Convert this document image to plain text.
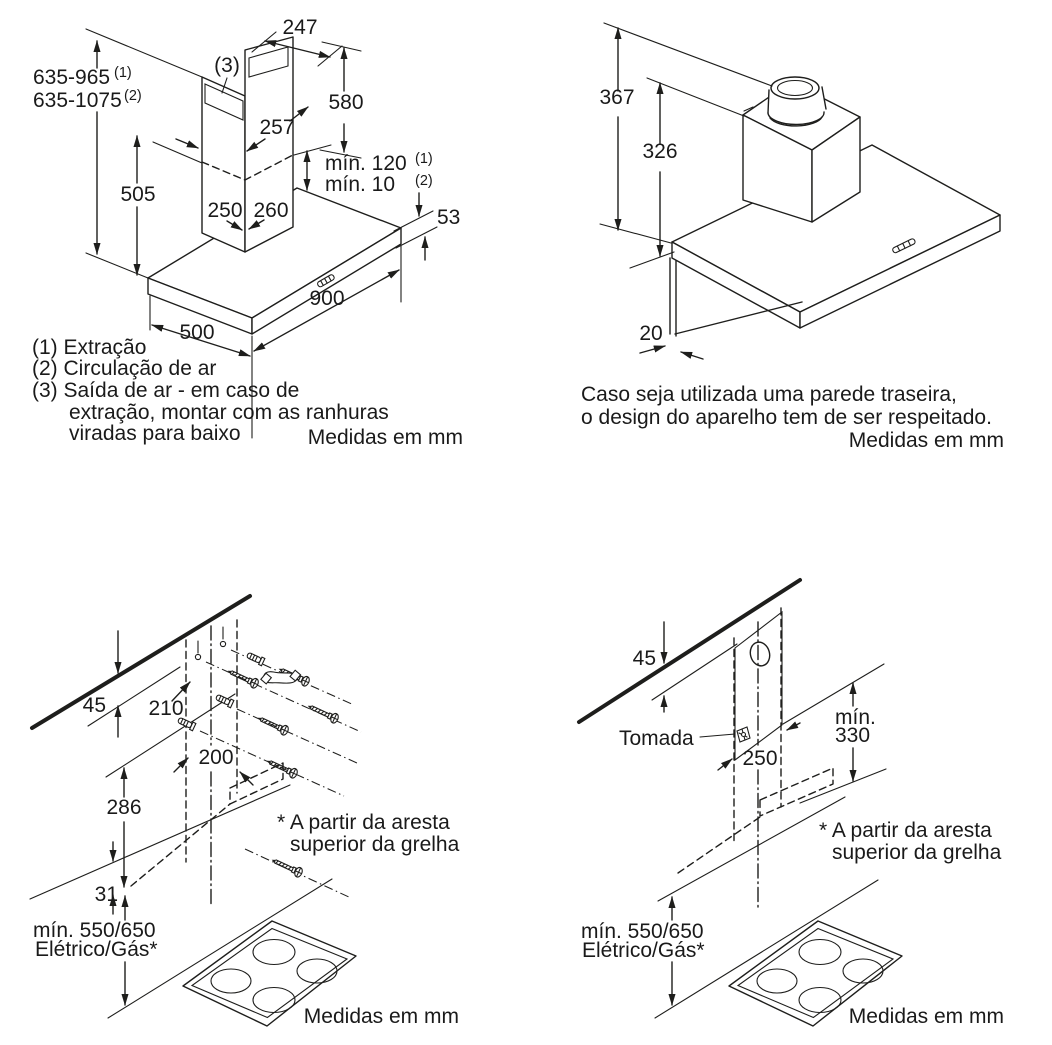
635-965 (1)
635-1075 (2)
247
(3)
580
257
505
mín. 120 (1)
mín. 10 (2)
250 260	53
900
500
(1) Extração
(2) Circulação de ar
(3) Saída de ar - em caso de
extração, montar com as ranhuras
viradas para baixo	Medidas em mm
367
326
20
Caso seja utilizada uma parede traseira,
o design do aparelho tem de ser respeitado.
Medidas em mm
45 210
200
286
31
mín. 550/650
Elétrico/Gás*
* A partir da aresta
superior da grelha
Medidas em mm
45
Tomada
250
mín.
330
mín. 550/650
Elétrico/Gás*
* A partir da aresta
superior da grelha
Medidas em mm
